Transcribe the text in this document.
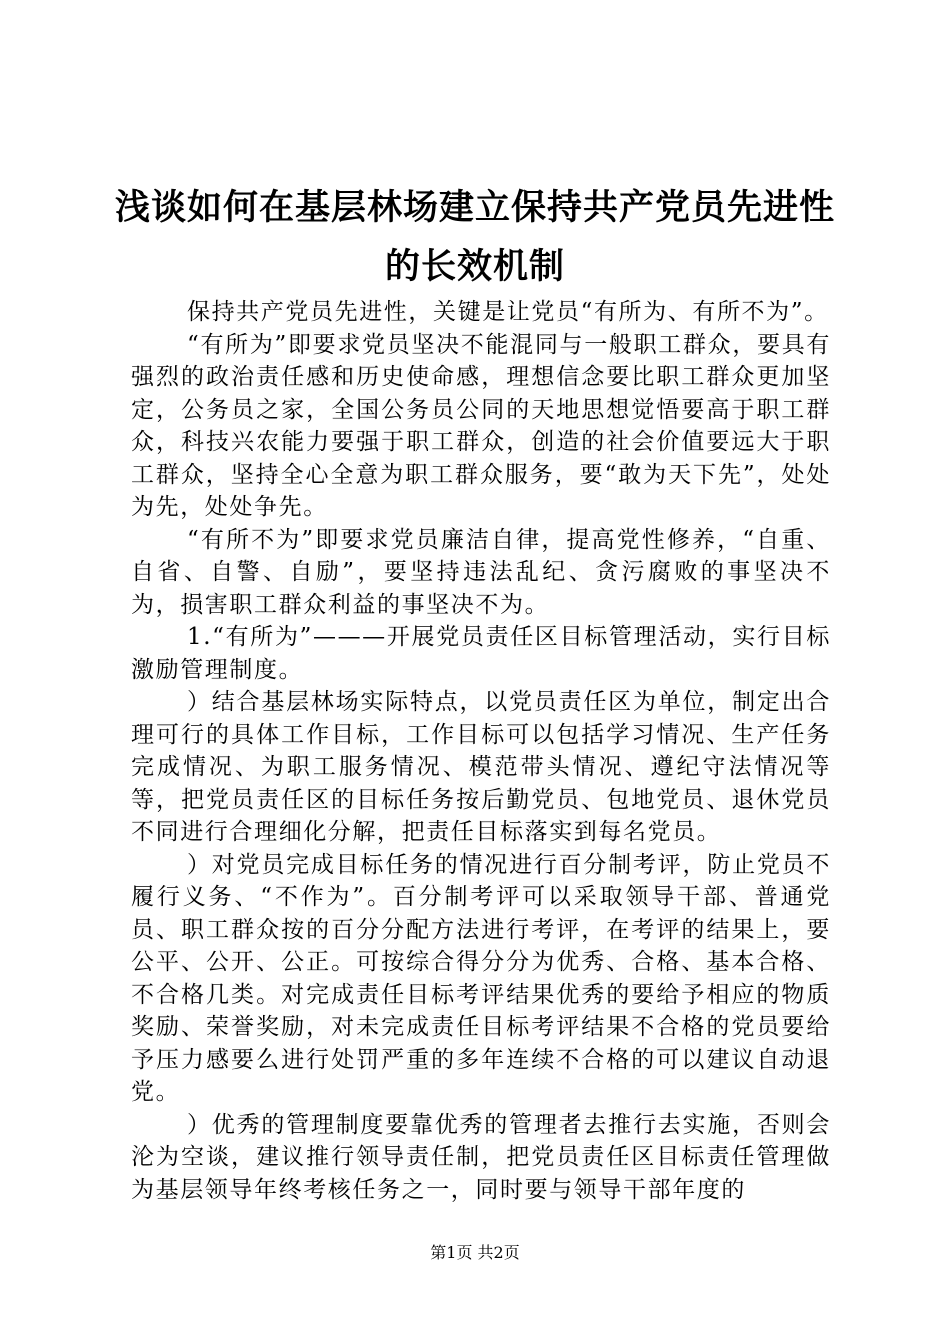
浅谈如何在基层林场建立保持共产党员先进性
的长效机制

保持共产党员先进性，关键是让党员“有所为、有所不为”。

“有所为”即要求党员坚决不能混同与一般职工群众，要具有强烈的政治责任感和历史使命感，理想信念要比职工群众更加坚定，公务员之家，全国公务员公同的天地思想觉悟要高于职工群众，科技兴农能力要强于职工群众，创造的社会价值要远大于职工群众，坚持全心全意为职工群众服务，要“敢为天下先”，处处为先，处处争先。

“有所不为”即要求党员廉洁自律，提高党性修养，“自重、自省、自警、自励”，要坚持违法乱纪、贪污腐败的事坚决不为，损害职工群众利益的事坚决不为。

1.“有所为”———开展党员责任区目标管理活动，实行目标激励管理制度。

）结合基层林场实际特点，以党员责任区为单位，制定出合理可行的具体工作目标，工作目标可以包括学习情况、生产任务完成情况、为职工服务情况、模范带头情况、遵纪守法情况等等，把党员责任区的目标任务按后勤党员、包地党员、退休党员不同进行合理细化分解，把责任目标落实到每名党员。

）对党员完成目标任务的情况进行百分制考评，防止党员不履行义务、“不作为”。百分制考评可以采取领导干部、普通党员、职工群众按的百分分配方法进行考评，在考评的结果上，要公平、公开、公正。可按综合得分分为优秀、合格、基本合格、不合格几类。对完成责任目标考评结果优秀的要给予相应的物质奖励、荣誉奖励，对未完成责任目标考评结果不合格的党员要给予压力感要么进行处罚严重的多年连续不合格的可以建议自动退党。

）优秀的管理制度要靠优秀的管理者去推行去实施，否则会沦为空谈，建议推行领导责任制，把党员责任区目标责任管理做为基层领导年终考核任务之一，同时要与领导干部年度的

第1页 共2页
